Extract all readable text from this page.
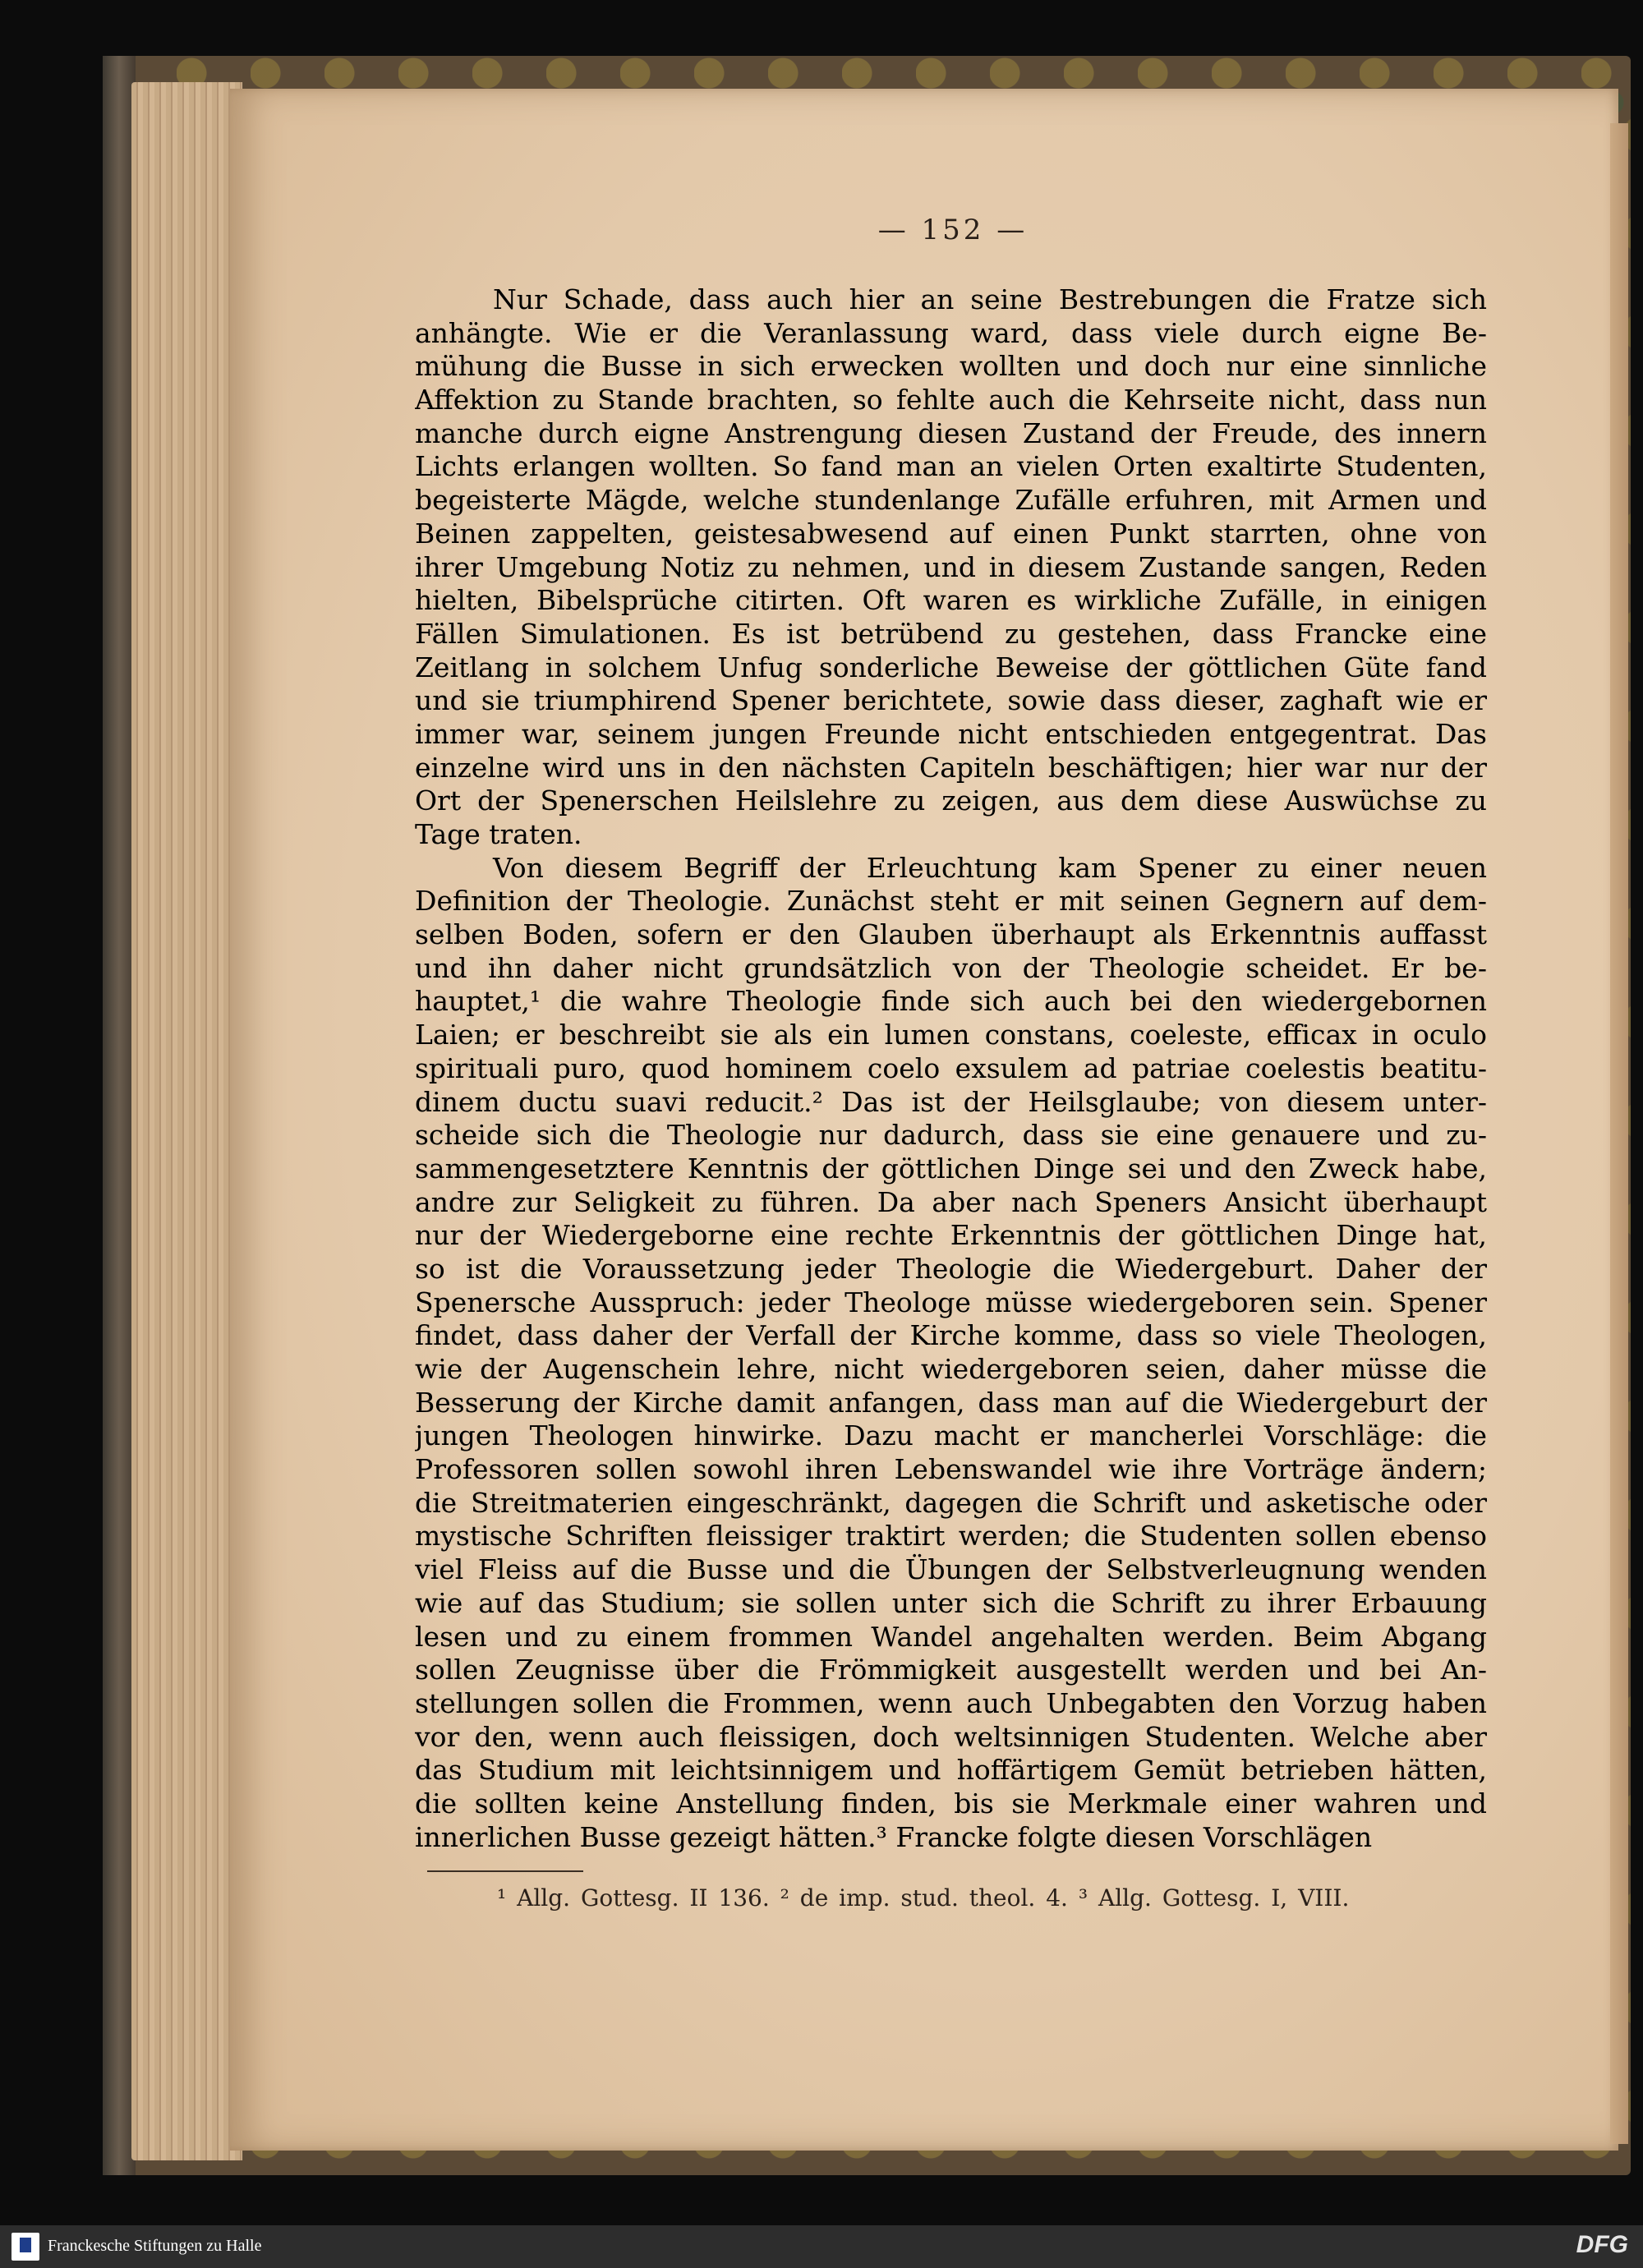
— 152 —
Nur Schade, dass auch hier an seine Bestrebungen die Fratze sich
anhängte. Wie er die Veranlassung ward, dass viele durch eigne Be-
mühung die Busse in sich erwecken wollten und doch nur eine sinnliche
Affektion zu Stande brachten, so fehlte auch die Kehrseite nicht, dass nun
manche durch eigne Anstrengung diesen Zustand der Freude, des innern
Lichts erlangen wollten. So fand man an vielen Orten exaltirte Studenten,
begeisterte Mägde, welche stundenlange Zufälle erfuhren, mit Armen und
Beinen zappelten, geistesabwesend auf einen Punkt starrten, ohne von
ihrer Umgebung Notiz zu nehmen, und in diesem Zustande sangen, Reden
hielten, Bibelsprüche citirten. Oft waren es wirkliche Zufälle, in einigen
Fällen Simulationen. Es ist betrübend zu gestehen, dass Francke eine
Zeitlang in solchem Unfug sonderliche Beweise der göttlichen Güte fand
und sie triumphirend Spener berichtete, sowie dass dieser, zaghaft wie er
immer war, seinem jungen Freunde nicht entschieden entgegentrat. Das
einzelne wird uns in den nächsten Capiteln beschäftigen; hier war nur der
Ort der Spenerschen Heilslehre zu zeigen, aus dem diese Auswüchse zu
Tage traten.
Von diesem Begriff der Erleuchtung kam Spener zu einer neuen
Definition der Theologie. Zunächst steht er mit seinen Gegnern auf dem-
selben Boden, sofern er den Glauben überhaupt als Erkenntnis auffasst
und ihn daher nicht grundsätzlich von der Theologie scheidet. Er be-
hauptet,¹ die wahre Theologie finde sich auch bei den wiedergebornen
Laien; er beschreibt sie als ein lumen constans, coeleste, efficax in oculo
spirituali puro, quod hominem coelo exsulem ad patriae coelestis beatitu-
dinem ductu suavi reducit.² Das ist der Heilsglaube; von diesem unter-
scheide sich die Theologie nur dadurch, dass sie eine genauere und zu-
sammengesetztere Kenntnis der göttlichen Dinge sei und den Zweck habe,
andre zur Seligkeit zu führen. Da aber nach Speners Ansicht überhaupt
nur der Wiedergeborne eine rechte Erkenntnis der göttlichen Dinge hat,
so ist die Voraussetzung jeder Theologie die Wiedergeburt. Daher der
Spenersche Ausspruch: jeder Theologe müsse wiedergeboren sein. Spener
findet, dass daher der Verfall der Kirche komme, dass so viele Theologen,
wie der Augenschein lehre, nicht wiedergeboren seien, daher müsse die
Besserung der Kirche damit anfangen, dass man auf die Wiedergeburt der
jungen Theologen hinwirke. Dazu macht er mancherlei Vorschläge: die
Professoren sollen sowohl ihren Lebenswandel wie ihre Vorträge ändern;
die Streitmaterien eingeschränkt, dagegen die Schrift und asketische oder
mystische Schriften fleissiger traktirt werden; die Studenten sollen ebenso
viel Fleiss auf die Busse und die Übungen der Selbstverleugnung wenden
wie auf das Studium; sie sollen unter sich die Schrift zu ihrer Erbauung
lesen und zu einem frommen Wandel angehalten werden. Beim Abgang
sollen Zeugnisse über die Frömmigkeit ausgestellt werden und bei An-
stellungen sollen die Frommen, wenn auch Unbegabten den Vorzug haben
vor den, wenn auch fleissigen, doch weltsinnigen Studenten. Welche aber
das Studium mit leichtsinnigem und hoffärtigem Gemüt betrieben hätten,
die sollten keine Anstellung finden, bis sie Merkmale einer wahren und
innerlichen Busse gezeigt hätten.³ Francke folgte diesen Vorschlägen
¹ Allg. Gottesg. II 136. ² de imp. stud. theol. 4. ³ Allg. Gottesg. I, VIII.
Franckesche Stiftungen zu Halle	DFG
